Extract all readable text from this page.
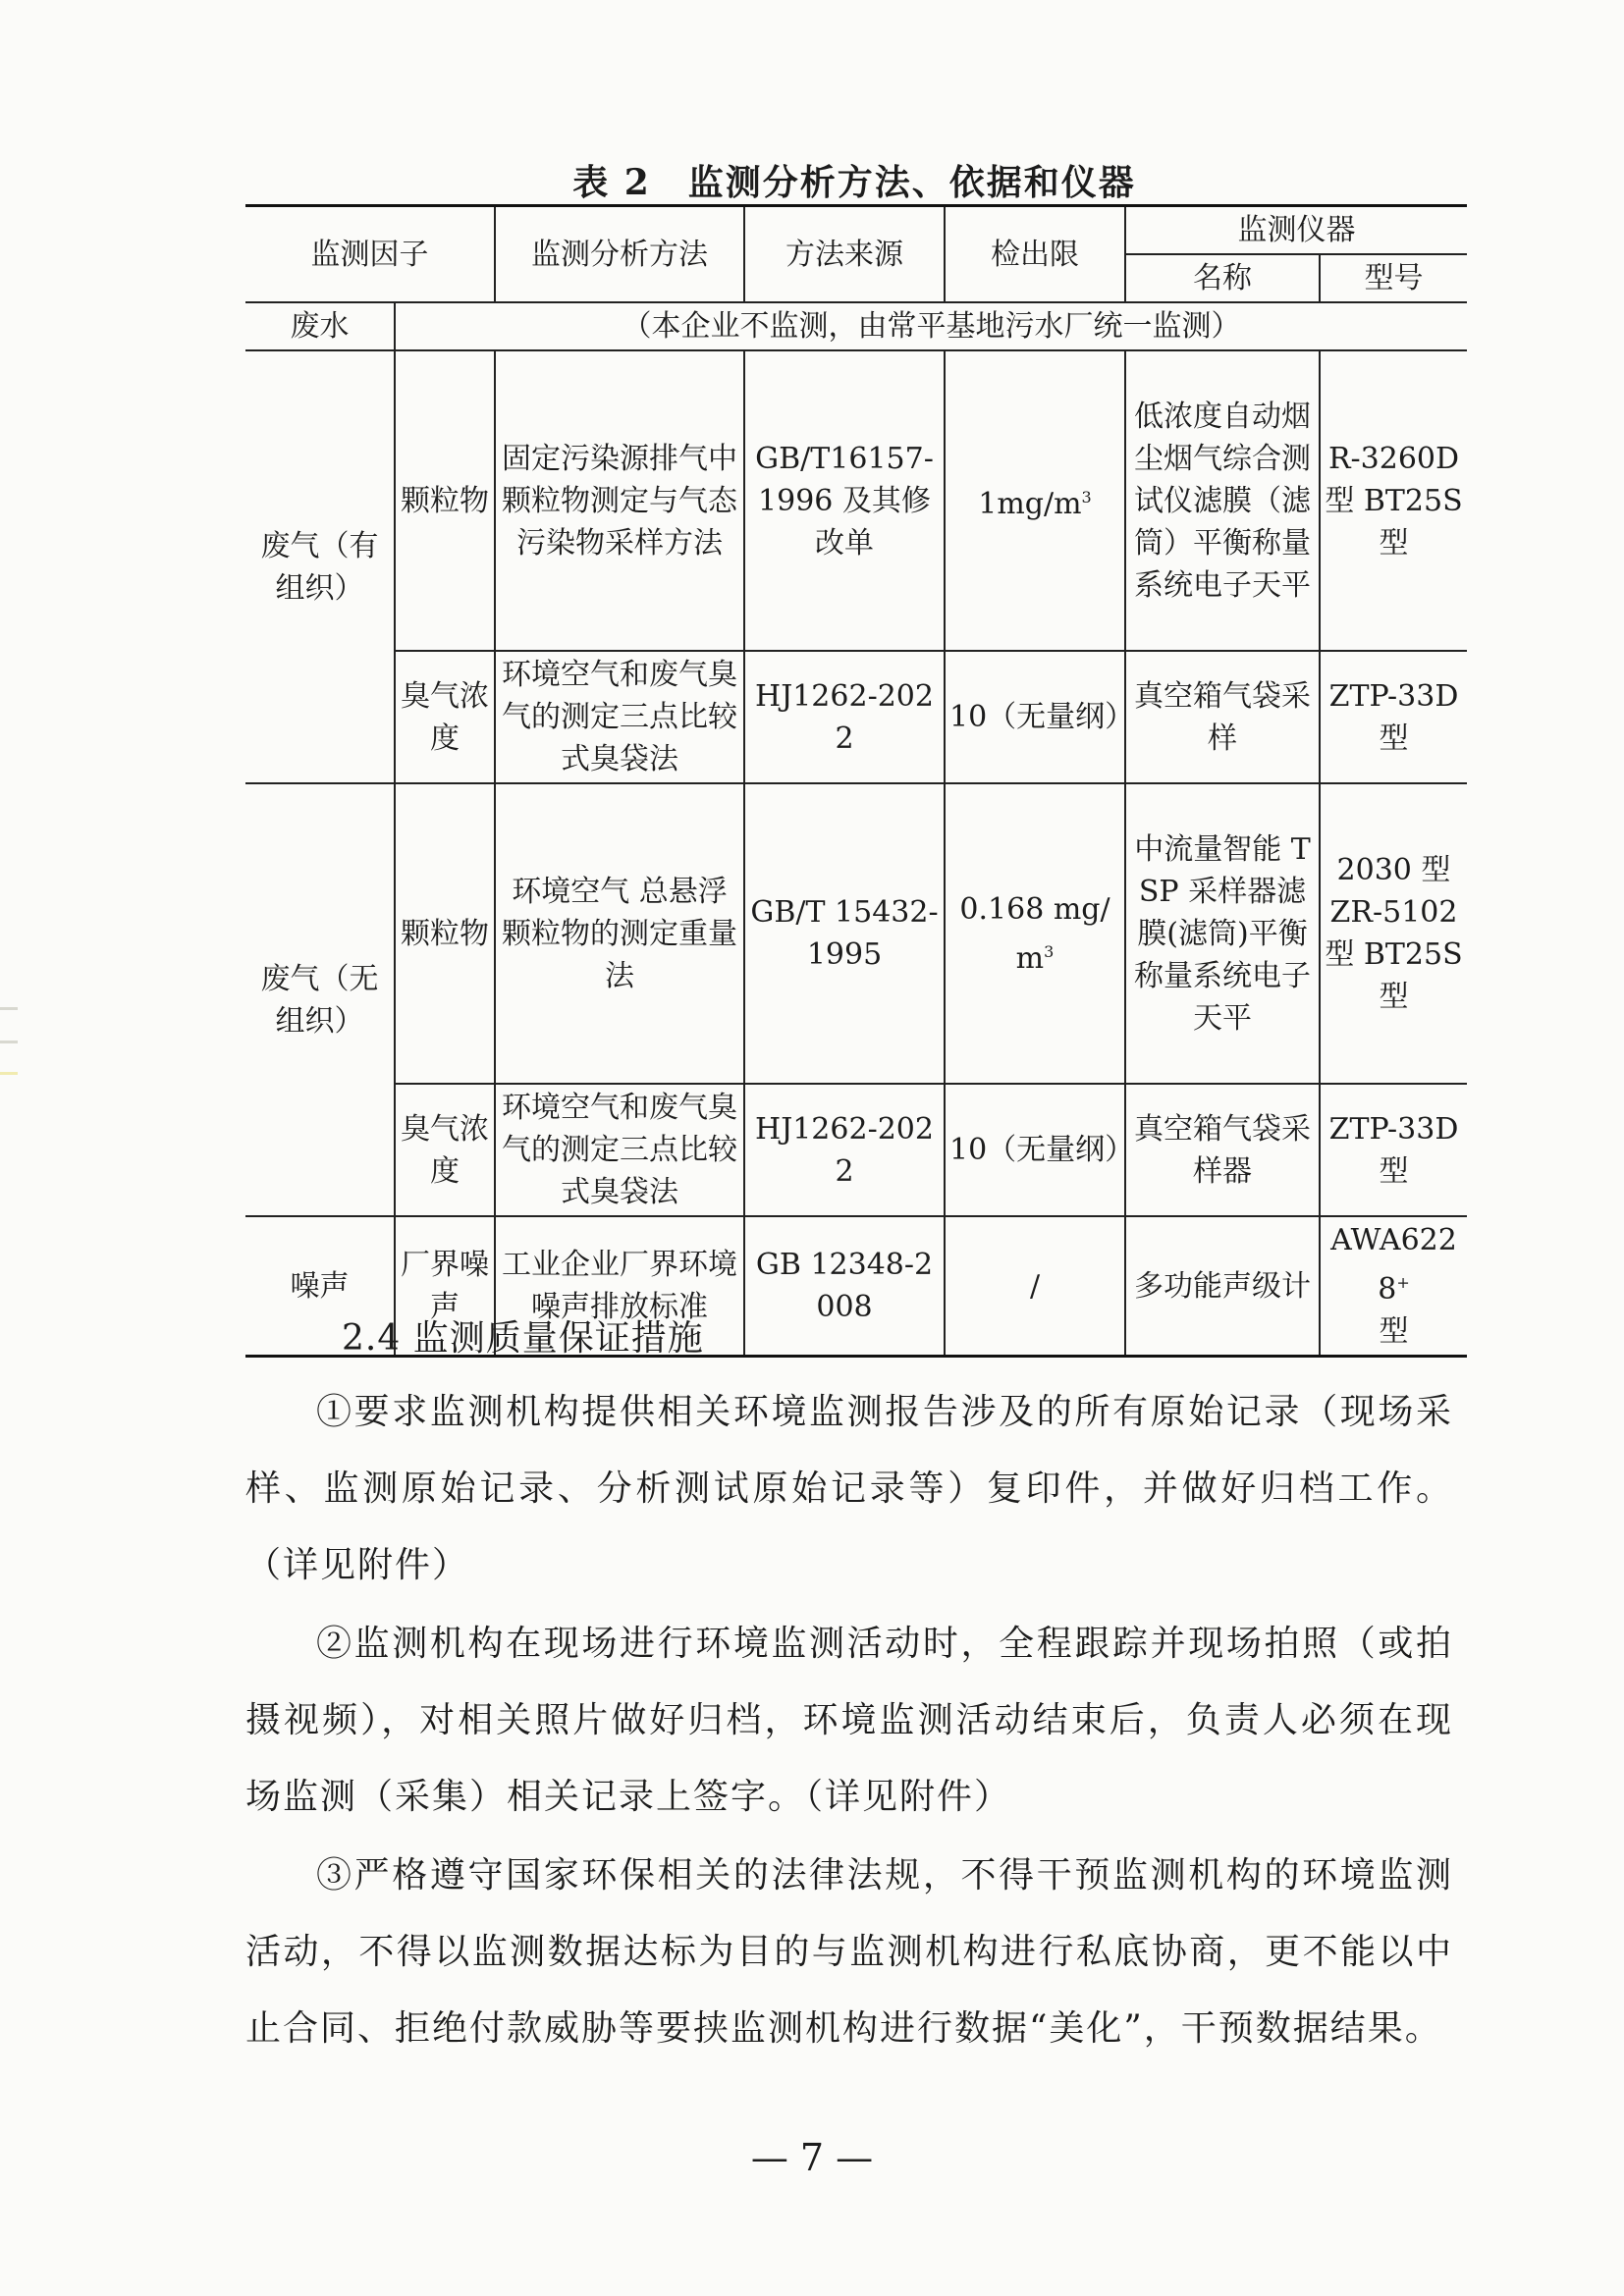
表 2　监测分析方法、依据和仪器
监测因子		监测分析方法	方法来源	检出限	监测仪器	
					名称	型号
废水	（本企业不监测，由常平基地污水厂统一监测）					
废气（有组织）	颗粒物	固定污染源排气中颗粒物测定与气态污染物采样方法	GB/T16157-1996 及其修改单	$1mg/m^3$	低浓度自动烟尘烟气综合测试仪滤膜（滤筒）平衡称量系统电子天平	R-3260D 型 BT25S 型
	臭气浓度	环境空气和废气臭气的测定三点比较式臭袋法	HJ1262-2022	10（无量纲）	真空箱气袋采样	ZTP-33D 型
废气（无组织）	颗粒物	环境空气 总悬浮颗粒物的测定重量法	GB/T 15432-1995	0.168 $mg/m^3$	中流量智能 TSP 采样器滤膜(滤筒)平衡称量系统电子天平	2030 型 ZR-5102 型 BT25S 型
	臭气浓度	环境空气和废气臭气的测定三点比较式臭袋法	HJ1262-2022	10（无量纲）	真空箱气袋采样器	ZTP-33D 型
噪声	厂界噪声	工业企业厂界环境噪声排放标准	GB 12348-2008	/	多功能声级计	AWA6228+
型
2.4 监测质量保证措施

①要求监测机构提供相关环境监测报告涉及的所有原始记录（现场采样、监测原始记录、分析测试原始记录等）复印件，并做好归档工作。（详见附件）

②监测机构在现场进行环境监测活动时，全程跟踪并现场拍照（或拍摄视频），对相关照片做好归档，环境监测活动结束后，负责人必须在现场监测（采集）相关记录上签字。（详见附件）

③严格遵守国家环保相关的法律法规，不得干预监测机构的环境监测活动，不得以监测数据达标为目的与监测机构进行私底协商，更不能以中止合同、拒绝付款威胁等要挟监测机构进行数据“美化”，干预数据结果。

— 7 —
